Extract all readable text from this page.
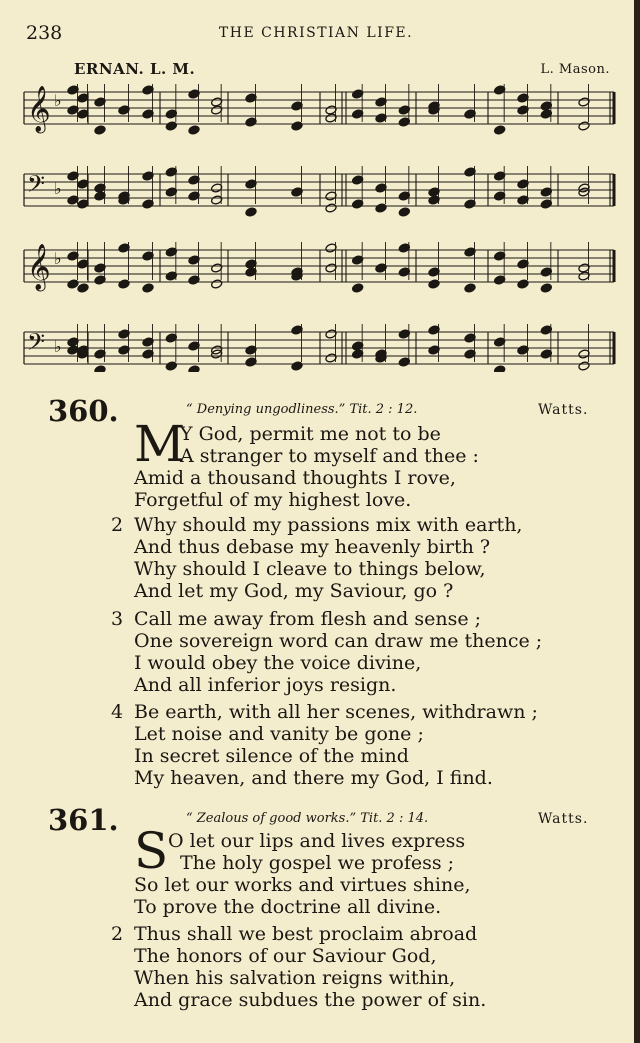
238	THE CHRISTIAN LIFE.
ERNAN. L. M.	L. Mason.
𝄞 ♭
𝄢 ♭
𝄞 ♭
𝄢 ♭
360.	“ Denying ungodliness.” Tit. 2 : 12.	Watts.
M
Y God, permit me not to be
A stranger to myself and thee :
Amid a thousand thoughts I rove,
Forgetful of my highest love.
2 Why should my passions mix with earth,
And thus debase my heavenly birth ?
Why should I cleave to things below,
And let my God, my Saviour, go ?
3 Call me away from flesh and sense ;
One sovereign word can draw me thence ;
I would obey the voice divine,
And all inferior joys resign.
4 Be earth, with all her scenes, withdrawn ;
Let noise and vanity be gone ;
In secret silence of the mind
My heaven, and there my God, I find.
361.	“ Zealous of good works.” Tit. 2 : 14.	Watts.
S O let our lips and lives express
The holy gospel we profess ;
So let our works and virtues shine,
To prove the doctrine all divine.
2 Thus shall we best proclaim abroad
The honors of our Saviour God,
When his salvation reigns within,
And grace subdues the power of sin.
